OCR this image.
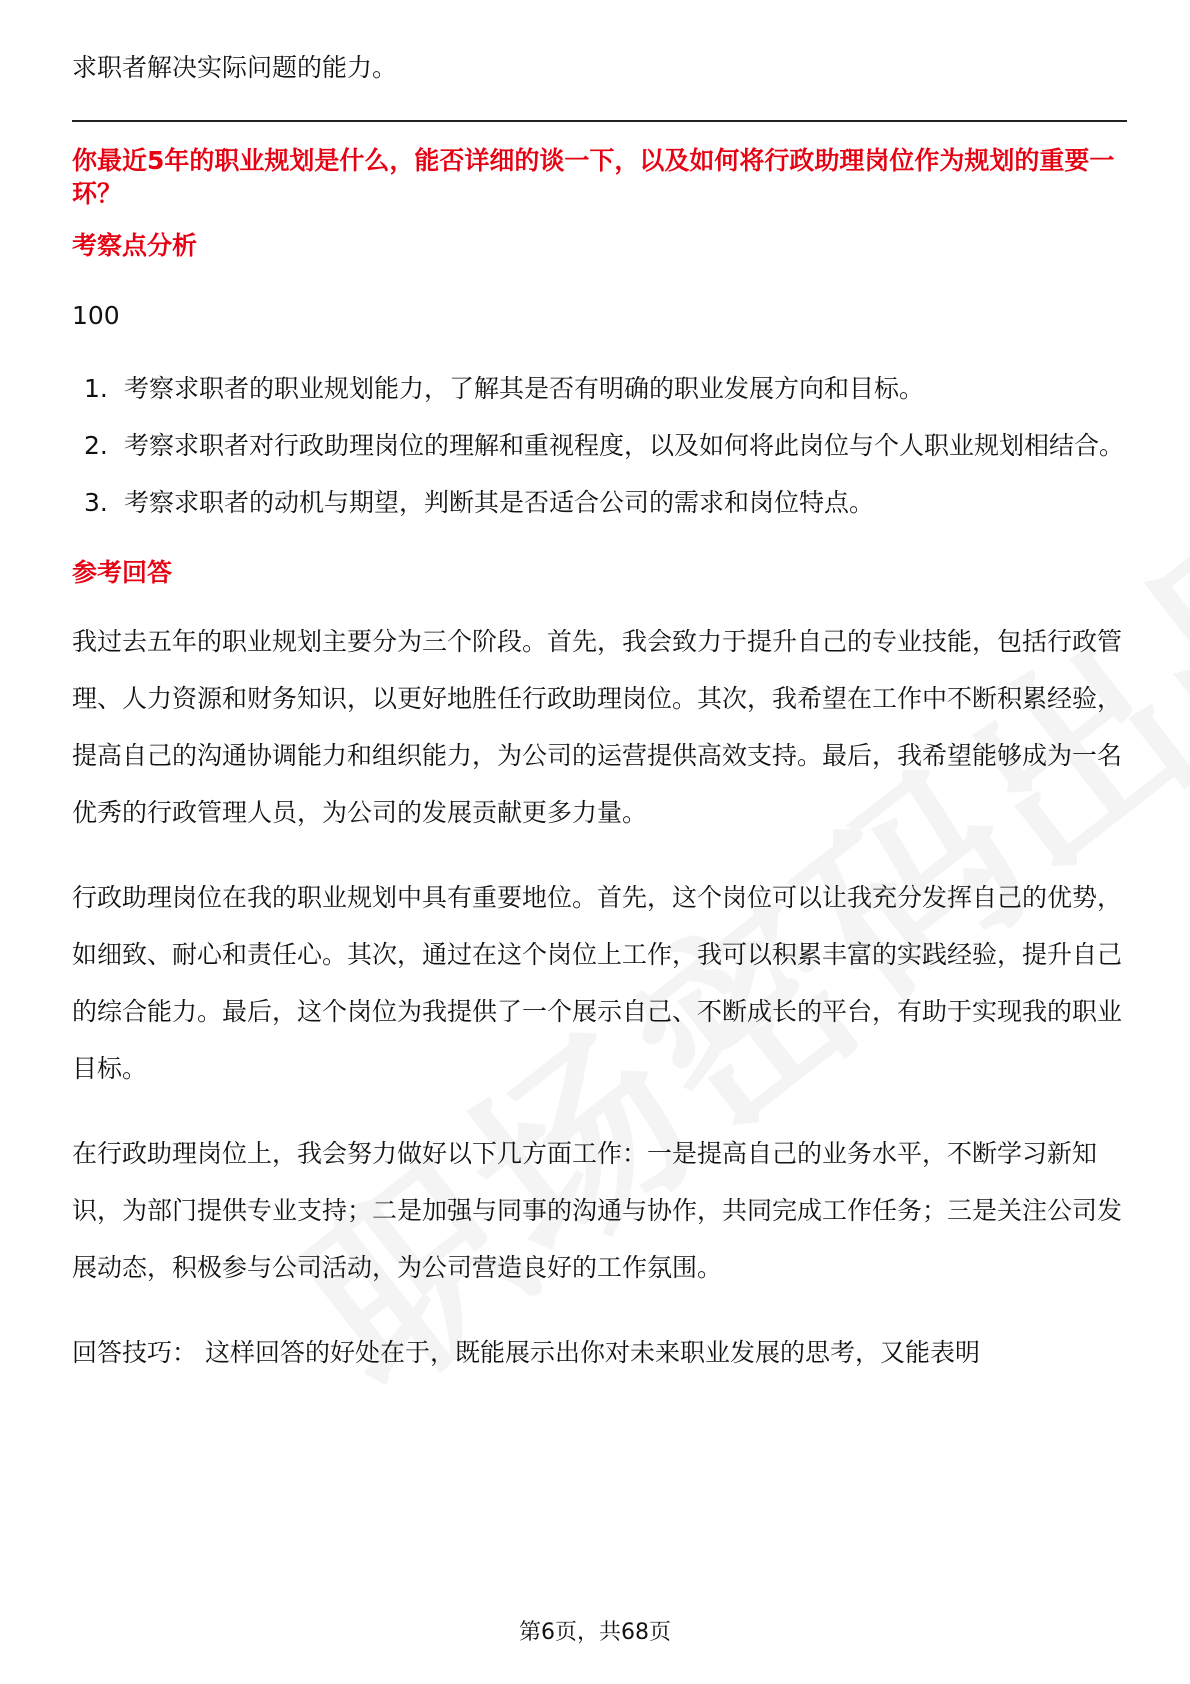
求职者解决实际问题的能力。

你最近5年的职业规划是什么，能否详细的谈一下，以及如何将行政助理岗位作为规划的重要一环？

考察点分析

100

1. 考察求职者的职业规划能力，了解其是否有明确的职业发展方向和目标。
2. 考察求职者对行政助理岗位的理解和重视程度，以及如何将此岗位与个人职业规划相结合。
3. 考察求职者的动机与期望，判断其是否适合公司的需求和岗位特点。

参考回答

我过去五年的职业规划主要分为三个阶段。首先，我会致力于提升自己的专业技能，包括行政管理、人力资源和财务知识，以更好地胜任行政助理岗位。其次，我希望在工作中不断积累经验，提高自己的沟通协调能力和组织能力，为公司的运营提供高效支持。最后，我希望能够成为一名优秀的行政管理人员，为公司的发展贡献更多力量。

行政助理岗位在我的职业规划中具有重要地位。首先，这个岗位可以让我充分发挥自己的优势，如细致、耐心和责任心。其次，通过在这个岗位上工作，我可以积累丰富的实践经验，提升自己的综合能力。最后，这个岗位为我提供了一个展示自己、不断成长的平台，有助于实现我的职业目标。

在行政助理岗位上，我会努力做好以下几方面工作：一是提高自己的业务水平，不断学习新知识，为部门提供专业支持；二是加强与同事的沟通与协作，共同完成工作任务；三是关注公司发展动态，积极参与公司活动，为公司营造良好的工作氛围。

回答技巧： 这样回答的好处在于，既能展示出你对未来职业发展的思考，又能表明

第6页，共68页
